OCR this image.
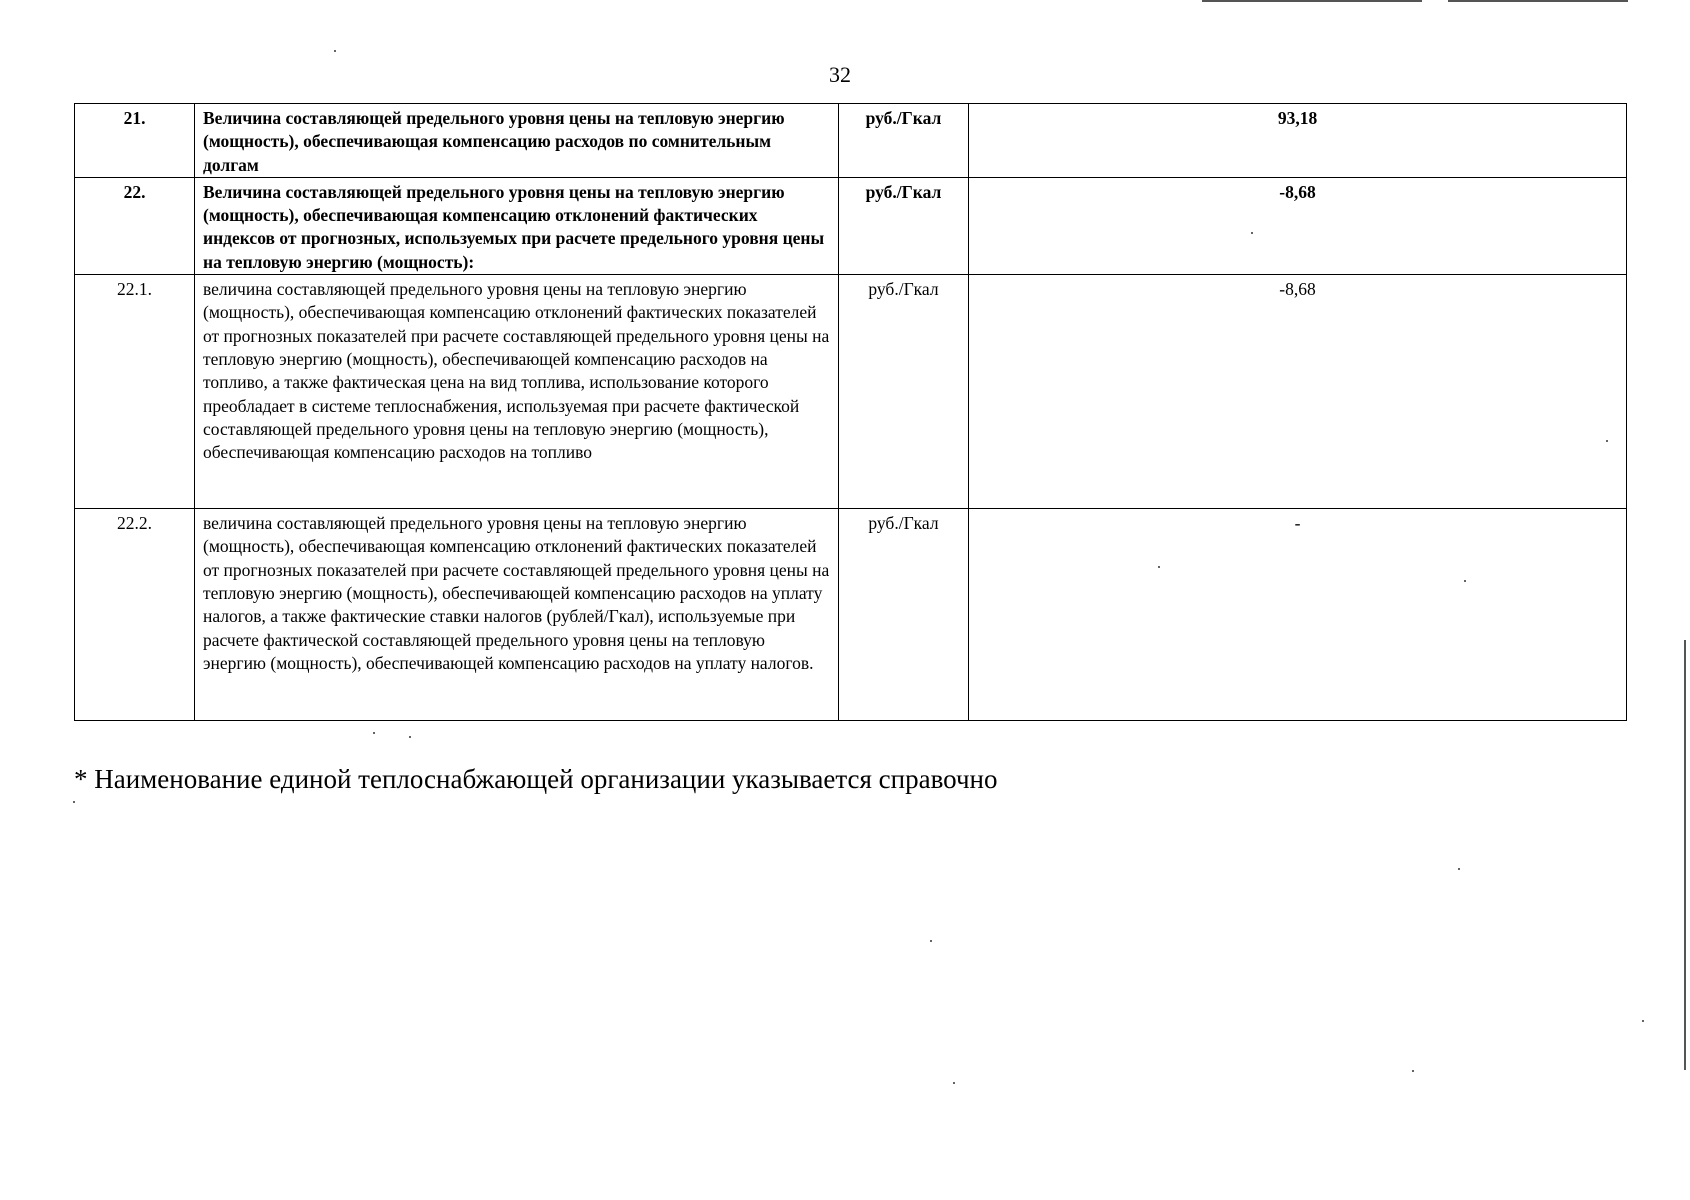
32
21.	Величина составляющей предельного уровня цены на тепловую энергию (мощность), обеспечивающая компенсацию расходов по сомнительным долгам	руб./Гкал	93,18
22.	Величина составляющей предельного уровня цены на тепловую энергию (мощность), обеспечивающая компенсацию отклонений фактических индексов от прогнозных, используемых при расчете предельного уровня цены на тепловую энергию (мощность):	руб./Гкал	-8,68
22.1.	величина составляющей предельного уровня цены на тепловую энергию (мощность), обеспечивающая компенсацию отклонений фактических показателей от прогнозных показателей при расчете составляющей предельного уровня цены на тепловую энергию (мощность), обеспечивающей компенсацию расходов на топливо, а также фактическая цена на вид топлива, использование которого преобладает в системе теплоснабжения, используемая при расчете фактической составляющей предельного уровня цены на тепловую энергию (мощность), обеспечивающая компенсацию расходов на топливо	руб./Гкал	-8,68
22.2.	величина составляющей предельного уровня цены на тепловую энергию (мощность), обеспечивающая компенсацию отклонений фактических показателей от прогнозных показателей при расчете составляющей предельного уровня цены на тепловую энергию (мощность), обеспечивающей компенсацию расходов на уплату налогов, а также фактические ставки налогов (рублей/Гкал), используемые при расчете фактической составляющей предельного уровня цены на тепловую энергию (мощность), обеспечивающей компенсацию расходов на уплату налогов.	руб./Гкал	-
* Наименование единой теплоснабжающей организации указывается справочно
